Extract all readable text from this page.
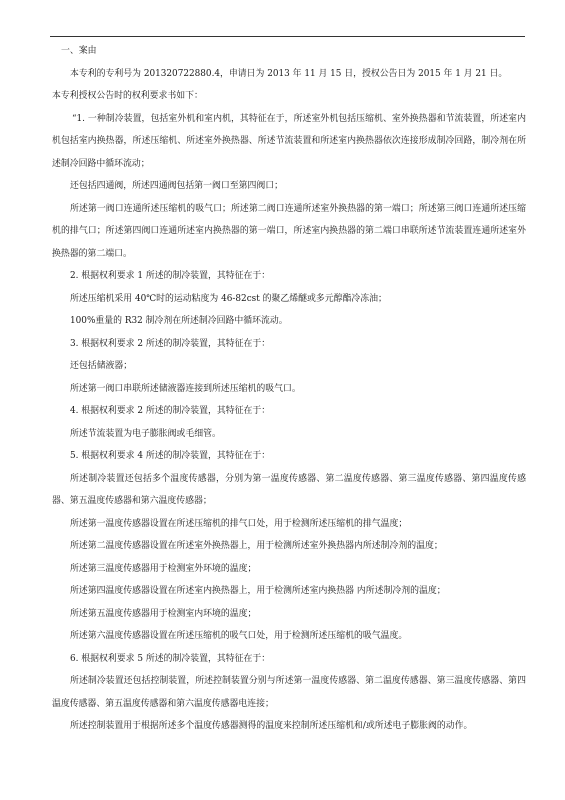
一、案由

本专利的专利号为 201320722880.4，申请日为 2013 年 11 月 15 日，授权公告日为 2015 年 1 月 21 日。

本专利授权公告时的权利要求书如下：

“1. 一种制冷装置，包括室外机和室内机，其特征在于，所述室外机包括压缩机、室外换热器和节流装置，所述室内机包括室内换热器，所述压缩机、所述室外换热器、所述节流装置和所述室内换热器依次连接形成制冷回路，制冷剂在所述制冷回路中循环流动；

还包括四通阀，所述四通阀包括第一阀口至第四阀口；

所述第一阀口连通所述压缩机的吸气口；所述第二阀口连通所述室外换热器的第一端口；所述第三阀口连通所述压缩机的排气口；所述第四阀口连通所述室内换热器的第一端口，所述室内换热器的第二端口串联所述节流装置连通所述室外换热器的第二端口。

2. 根据权利要求 1 所述的制冷装置，其特征在于：

所述压缩机采用 40℃时的运动粘度为 46-82cst 的聚乙烯醚或多元醇酯冷冻油；

100%重量的 R32 制冷剂在所述制冷回路中循环流动。

3. 根据权利要求 2 所述的制冷装置，其特征在于：

还包括储液器；

所述第一阀口串联所述储液器连接到所述压缩机的吸气口。

4. 根据权利要求 2 所述的制冷装置，其特征在于：

所述节流装置为电子膨胀阀或毛细管。

5. 根据权利要求 4 所述的制冷装置，其特征在于：

所述制冷装置还包括多个温度传感器，分别为第一温度传感器、第二温度传感器、第三温度传感器、第四温度传感器、第五温度传感器和第六温度传感器；

所述第一温度传感器设置在所述压缩机的排气口处，用于检测所述压缩机的排气温度；

所述第二温度传感器设置在所述室外换热器上，用于检测所述室外换热器内所述制冷剂的温度；

所述第三温度传感器用于检测室外环境的温度；

所述第四温度传感器设置在所述室内换热器上，用于检测所述室内换热器 内所述制冷剂的温度；

所述第五温度传感器用于检测室内环境的温度；

所述第六温度传感器设置在所述压缩机的吸气口处，用于检测所述压缩机的吸气温度。

6. 根据权利要求 5 所述的制冷装置，其特征在于：

所述制冷装置还包括控制装置，所述控制装置分别与所述第一温度传感器、第二温度传感器、第三温度传感器、第四温度传感器、第五温度传感器和第六温度传感器电连接；

所述控制装置用于根据所述多个温度传感器测得的温度来控制所述压缩机和/或所述电子膨胀阀的动作。
